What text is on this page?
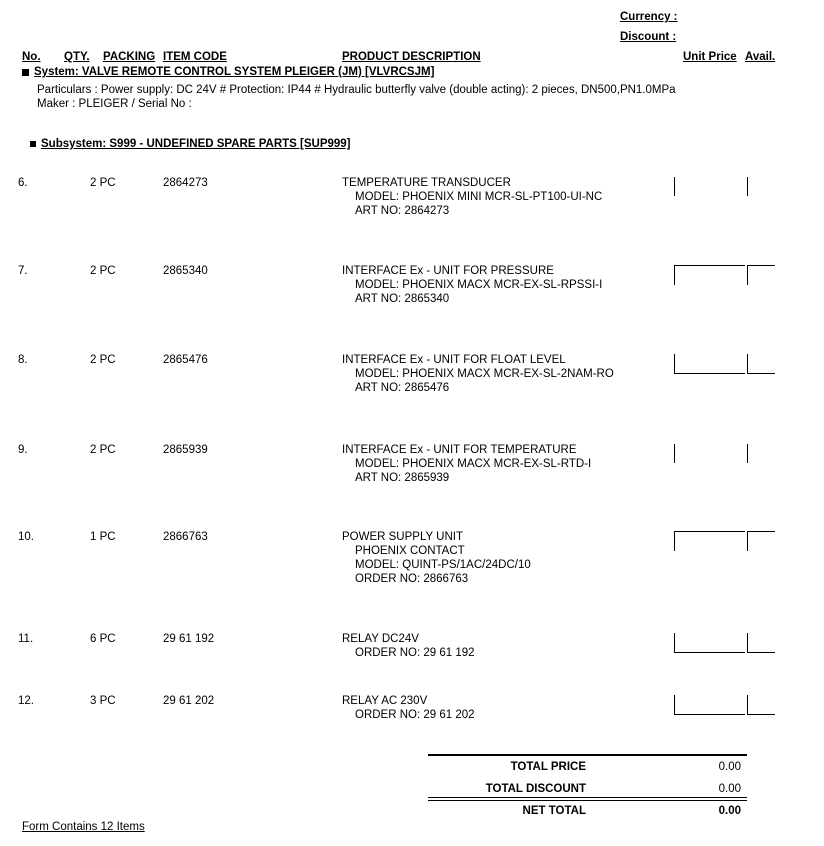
Currency :
Discount :
No. QTY. PACKING ITEM CODE	PRODUCT DESCRIPTION	Unit Price Avail.
System: VALVE REMOTE CONTROL SYSTEM PLEIGER (JM) [VLVRCSJM]
Particulars : Power supply: DC 24V # Protection: IP44 # Hydraulic butterfly valve (double acting): 2 pieces, DN500,PN1.0MPa
Maker : PLEIGER / Serial No :
Subsystem: S999 - UNDEFINED SPARE PARTS [SUP999]
6.	2 PC	2864273	TEMPERATURE TRANSDUCER
MODEL: PHOENIX MINI MCR-SL-PT100-UI-NC
ART NO: 2864273
7.	2 PC	2865340	INTERFACE Ex - UNIT FOR PRESSURE
MODEL: PHOENIX MACX MCR-EX-SL-RPSSI-I
ART NO: 2865340
8.	2 PC	2865476	INTERFACE Ex - UNIT FOR FLOAT LEVEL
MODEL: PHOENIX MACX MCR-EX-SL-2NAM-RO
ART NO: 2865476
9.	2 PC	2865939	INTERFACE Ex - UNIT FOR TEMPERATURE
MODEL: PHOENIX MACX MCR-EX-SL-RTD-I
ART NO: 2865939
10.	1 PC	2866763	POWER SUPPLY UNIT
PHOENIX CONTACT
MODEL: QUINT-PS/1AC/24DC/10
ORDER NO: 2866763
11.	6 PC	29 61 192	RELAY DC24V
ORDER NO: 29 61 192
12.	3 PC	29 61 202	RELAY AC 230V
ORDER NO: 29 61 202
TOTAL PRICE	0.00
TOTAL DISCOUNT	0.00
NET TOTAL	0.00
Form Contains 12 Items
